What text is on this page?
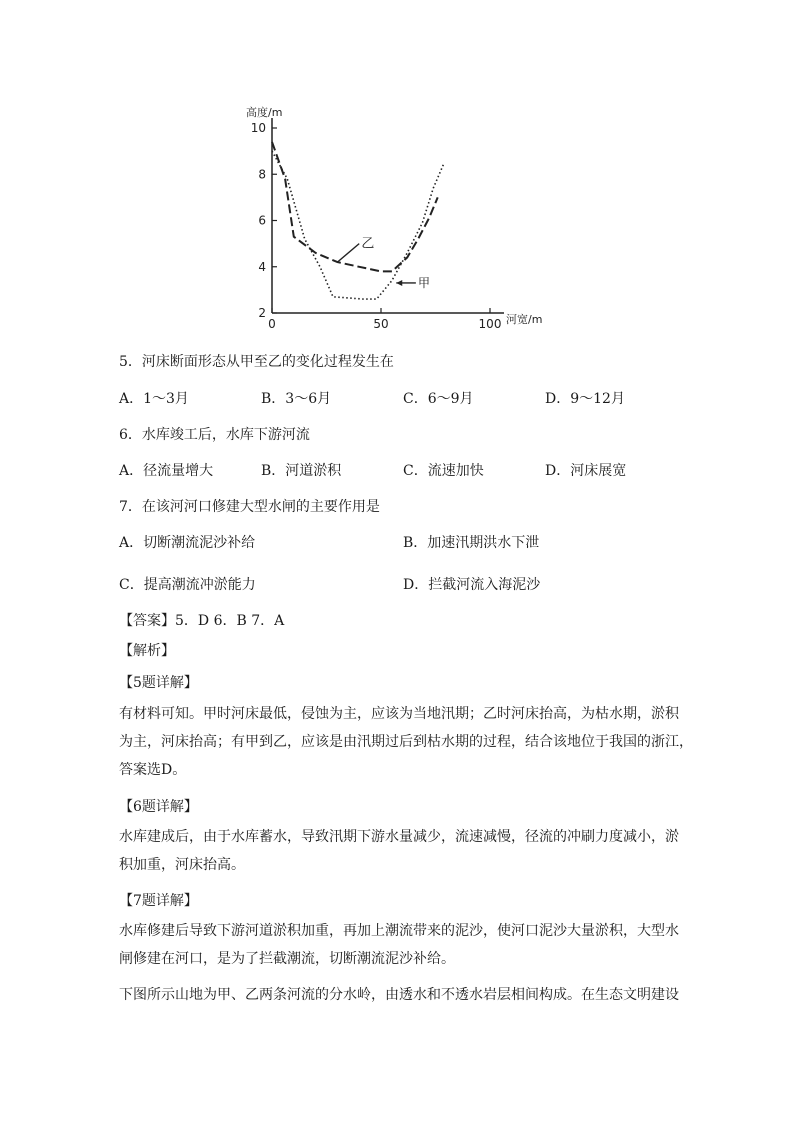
2
4
6
8
10
0	50	100 河宽/m
高度/m
乙
甲
5．河床断面形态从甲至乙的变化过程发生在
A．1～3月	B．3～6月	C．6～9月	D．9～12月
6．水库竣工后，水库下游河流
A．径流量增大	B．河道淤积	C．流速加快	D．河床展宽
7．在该河河口修建大型水闸的主要作用是
A．切断潮流泥沙补给	B．加速汛期洪水下泄
C．提高潮流冲淤能力	D．拦截河流入海泥沙
【答案】5．D 6．B 7．A
【解析】
【5题详解】
有材料可知。甲时河床最低，侵蚀为主，应该为当地汛期；乙时河床抬高，为枯水期，淤积
为主，河床抬高；有甲到乙，应该是由汛期过后到枯水期的过程，结合该地位于我国的浙江，
答案选D。
【6题详解】
水库建成后，由于水库蓄水，导致汛期下游水量减少，流速减慢，径流的冲刷力度减小，淤
积加重，河床抬高。
【7题详解】
水库修建后导致下游河道淤积加重，再加上潮流带来的泥沙，使河口泥沙大量淤积，大型水
闸修建在河口，是为了拦截潮流，切断潮流泥沙补给。
下图所示山地为甲、乙两条河流的分水岭，由透水和不透水岩层相间构成。在生态文明建设
